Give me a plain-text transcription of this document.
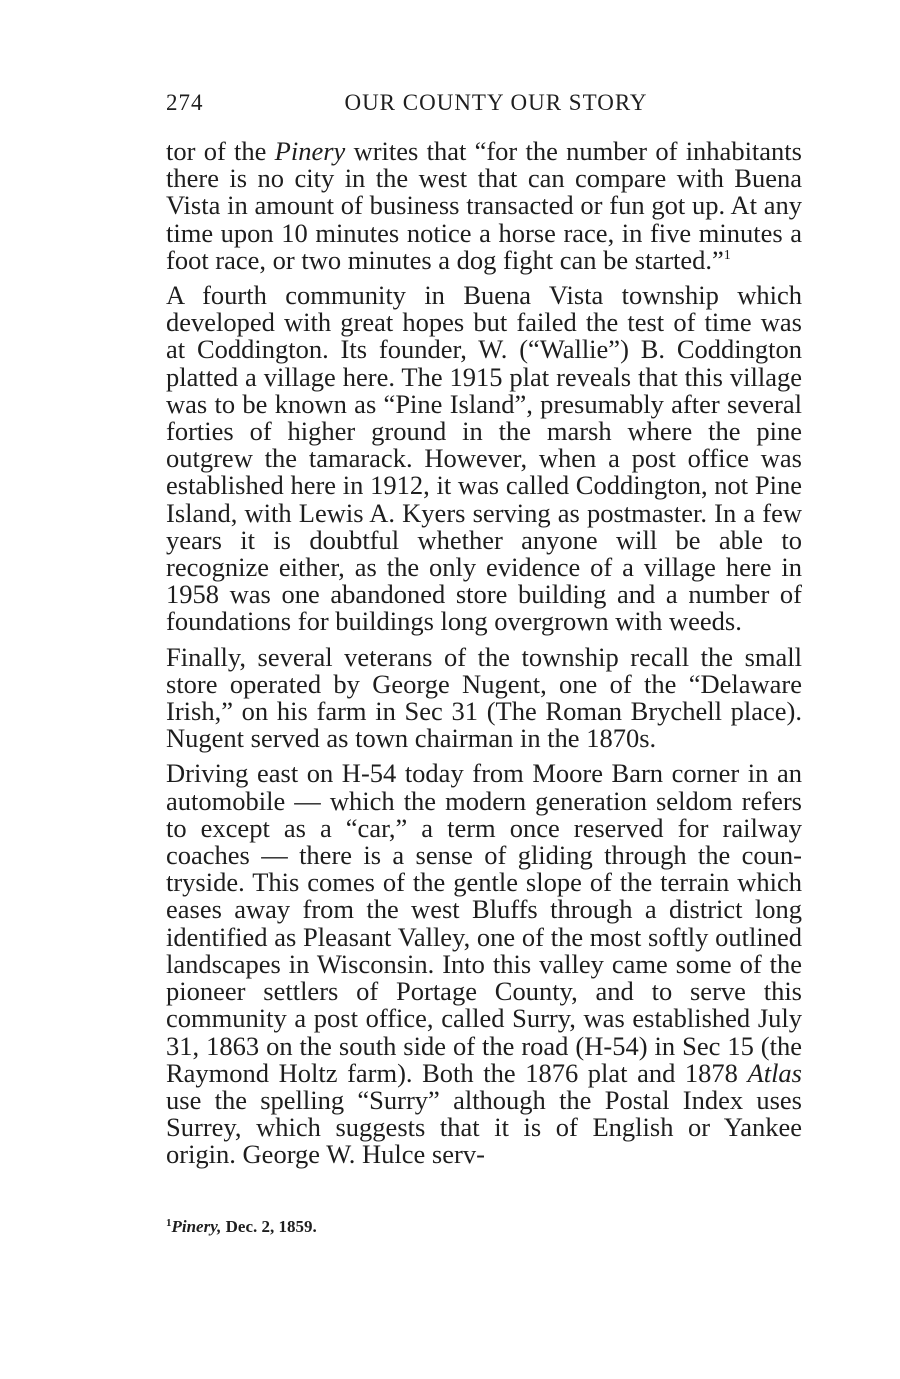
274	OUR COUNTY OUR STORY

tor of the Pinery writes that “for the number of inhabitants there is no city in the west that can compare with Buena Vista in amount of business transacted or fun got up. At any time upon 10 minutes notice a horse race, in five minutes a foot race, or two minutes a dog fight can be started.”$^1$

A fourth community in Buena Vista township which developed with great hopes but failed the test of time was at Coddington. Its founder, W. (“Wallie”) B. Coddington platted a village here. The 1915 plat reveals that this village was to be known as “Pine Island”, presumably after several forties of higher ground in the marsh where the pine outgrew the tamarack. However, when a post office was established here in 1912, it was called Coddington, not Pine Island, with Lewis A. Kyers serving as postmaster. In a few years it is doubtful whether anyone will be able to recognize either, as the only evidence of a village here in 1958 was one abandoned store building and a number of foundations for buildings long overgrown with weeds.

Finally, several veterans of the township recall the small store operated by George Nugent, one of the “Delaware Irish,” on his farm in Sec 31 (The Roman Brychell place). Nugent served as town chairman in the 1870s.

Driving east on H-54 today from Moore Barn corner in an automobile — which the modern generation seldom refers to except as a “car,” a term once reserved for railway coaches — there is a sense of gliding through the countryside. This comes of the gentle slope of the terrain which eases away from the west Bluffs through a district long identified as Pleasant Valley, one of the most softly outlined landscapes in Wisconsin. Into this valley came some of the pioneer settlers of Portage County, and to serve this community a post office, called Surry, was established July 31, 1863 on the south side of the road (H-54) in Sec 15 (the Raymond Holtz farm). Both the 1876 plat and 1878 Atlas use the spelling “Surry” although the Postal Index uses Surrey, which suggests that it is of English or Yankee origin. George W. Hulce serv-

$^1$Pinery, Dec. 2, 1859.
